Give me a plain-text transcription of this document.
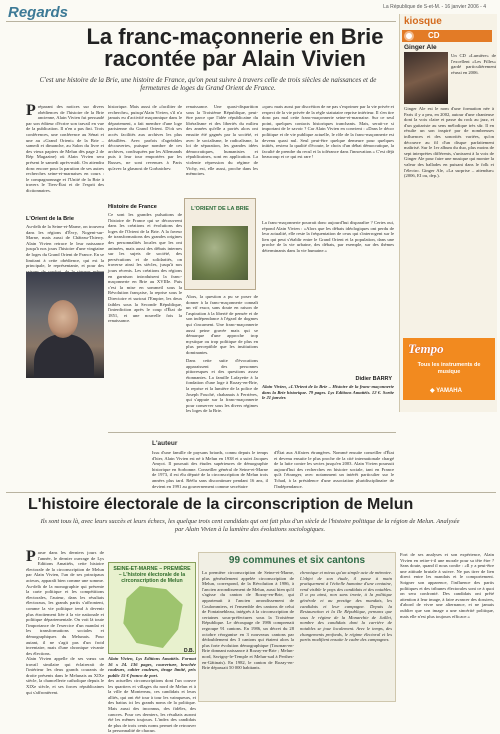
Regards	La République de S-et-M. - 16 janvier 2006 - 4
La franc-maçonnerie en Brie
racontée par Alain Vivien
C'est une histoire de la Brie, une histoire de France, qu'on peut suivre à travers celle de trois siècles de naissances et de fermetures de loges du Grand Orient de France.
Préparant des notices sur divers obédiences de l'histoire de la Brie ancienne, Alain Vivien fut persuadé par son éditeur d'écrire son travail en vue de la publication. Il n'en a pas fini. Trois conférences, une conférence au Sénat et une au «Grand Orient» de la Brie – samedi et dimanche, au Salon du livre et des vieux papiers de Melun dès page 2 de Rép Magazine) où Alain Vivien sera présent le samedi après-midi. On attendra donc encore pour la parution de ses autres recherches seine-et-marnaises en cours : le compagnonnage et l'Unité de la Brie à travers le Tiers-État et de l'esprit des dictionnaires.
L'Orient de la Brie
Au-delà de la Seine-et-Marne, on trouvera dans les régions d'Évry, Nogent-sur-Marne, mais aussi de Château-Thierry. Alain Vivien retrace le leur naissance jusqu'à nos jours l'histoire d'une vingtaine de loges du Grand Orient de France. En se limitant à cette obédience, qui est la principale, le représentante, et pour des
historique. Mais aussi de «faciliter de recherche», puisqu'Alain Vivien, s'il n'a jamais eu d'activité maçonnique dans le département, a fait membre d'une loge parisienne du Grand Orient. D'où ses accès facilités aux archives les plus détaillées. Avec parfois d'agréables découvertes, puisque nombre de ces archives, confisquées par les Allemands puis à leur tour emportées par les Russes, ne sont revenues à Paris qu'avec la glasnost de Gorbatchev.
Histoire de France
Ce sont les grandes pulsations de l'histoire de France qui se découvrent dans les créations et évolutions des loges de l'Orient de la Brie. A la faveur de transformations des grandes origines des personnalités locales que les ont animées, mais aussi des débats internes sur les sujets de société, des persécutions et de solidarités, on traverse ainsi les siècles, jusqu'à nos jours récents. Les créations des régions en garnison introduisent la franc-maçonnerie en Brie au XVIIIe. Puis c'est la mise en sommeil sous la Révolution française, la reprise sous le Directoire et surtout l'Empire, les deux faibles sous la Seconde République, l'interdiction après le coup d'État de 1851, et une nouvelle fois la renaissance.
renaissance. Une quasi-disparition sous la Troisième République, peut-être parce que l'idée républicaine du libéralisme et des libertés du milieu des années qu'elle a portés alors ont ensuite été gagnés par la société, et avec le socialisme, le radicalisme, la loi de séparation, les grandes idées démocratiques, humanistes et républicaines, sont en application. La violente répression du régime de Vichy, est, elle aussi, proche dans les mémoires.
L'ORIENT DE LA BRIE
Alors, la question a pu se poser de donner à la franc-maçonnerie connaît un vif essor, sans doute en raison de l'aspiration à la liberté de pensée et de son indépendance à l'égard de dogmes qui s'incarnent. Une franc-maçonnerie aussi peine gravée mais qui se démarque d'une approche trop mystique ou trop politique de plus en plus perceptible que les institutions dominantes.
Dans cette suite d'évocations apparaissent des personnes pittoresques et des questions assez étonnantes. La famille Lafayette à la fondation d'une loge à Rozay-en-Brie, la reprise et la lumière de la police de Joseph Fouché, chabanais à Ferrières, qui s'appuie sur la franc-maçonnerie pour conserver sous les divers régimes les loges de la Brie.
«que» mais aussi par discrétion de ne pas s'exprimer par la vie privée et respect de la vie privée de la règle statutaire reprise intérieur. Il s'en tire donc pas mal cette franc-maçonnerie seine-et-marnaise. Sur ce seul point, quelques contacts historiques tranchants. Mais, serait-ce si important de le savoir ? Car Alain Vivien en convient : «Dans le décor politique et de vie publique actuelle, le rôle de la franc-maçonnerie est devenu quasi nul. Seul peut-être quelque demeure pour quelques initiés, restera la qualité d'écoute, le choix d'un débat démocratique, la faculté de prendre du recul et la tolérance dans l'innovation.» C'est déjà beaucoup et ce qui est rare !
La franc-maçonnerie pourrait donc aujourd'hui disparaître ? Certes oui, répond Alain Vivien : «Alors que les débats idéologiques ont perdu de leur actualité, elle reste la fréquentation de ceux qui s'interrogent sur le lien qui peut s'établir entre le Grand Orient et la population, dans une proche de la vie urbaine, des débats, par exemple, sur des thèmes déterminants dans la vie humaine.»
Didier BARRY
Alain Vivien, «L'Orient de la Brie – Histoire de la franc-maçonnerie dans la Brie historique. 79 pages. Lys Editions Amattéis. 12 €. Sortie le 21 janvier.
kiosque
CD
Ginger Ale
Un CD «Lumière» de l'excellent «Les Filles» gardé particulièrement réussi en 2006.
Ginger Ale est le nom d'une formation née à Paris il y a peu, en 2002, autour d'une chanteuse dont la voix claire et passe du rock au jazz, et d'un guitariste au sens mélodique très sûr. Il en résulte un son inspiré par de nombreuses influences et des sonorités variées, qu'on découvre au fil d'un disque parfaitement maîtrisé. Sur le 1er album du duo, plus moins de sept interprètes différents, s'unissent à la voix de Ginger Ale pour faire une musique qui montre la valeur des ballades en puisant dans le folk et l'électro. Ginger Ale, «La surprise – attendue» (2006, EI ou, dep.).
Tempo
Tous les instruments de musique
◆ YAMAHA
L'auteur
Issu d'une famille de paysans briards, connu depuis le temps d'hier, Alain Vivien est né à Melun en 1938 et a suivi Jacques Amyot. Il poursuit des études supérieures de démographie historique en Sorbonne. Conseiller général de Seine-et-Marne de 1973, il est élu député de la circonscription de Melun trois années plus tard. Réélu sans discontinuer pendant 16 ans, il devient en 1991 au gouvernement comme secrétaire
d'État aux Affaires étrangères. Nommé ensuite conseiller d'État et devenu ensuite le plus proche de la cité internationale chargé de la lutte contre les sectes jusqu'en 2003. Alain Vivien poursuit aujourd'hui des recherches en histoire sociale, tant en France qu'à l'étranger, avec notamment un intérêt particulier sur le Tchad, à la présidence d'une association pluridisciplinaire de l'Indépendance.
L'histoire électorale de la circonscription de Melun
Ils sont tous là, avec leurs succès et leurs échecs, les quelque trois cent candidats qui ont fait plus d'un siècle de l'histoire politique de la région de Melun. Analysée par Alain Vivien à la lumière des évolutions sociologiques.
Parue dans les derniers jours de l'année, le dernier ouvrage de Lys Editions Amattéis, cette histoire électorale de la circonscription de Melun par Alain Vivien, l'un de ses principaux acteurs, apparaît bien comme une somme. Au-delà de la monographie qui présente la carte politique et les compétitions électorales, l'auteur, dans les résultats électoraux, les grands partis s'affrontent, comme la vie politique tend à devenir plus étroitement liée à la vie nationale et politique départementale. On voit là toute l'importance de l'exercice d'un mandat et les transformations sociales et démographiques du Melunais. Pour autant, il ne s'agit pas d'un froid inventaire, mais d'une chronique vivante des élections.
Alain Vivien appelle de ses vœux un travail similaire qui éclairerait de l'intérieur les deux grands courants de droite présents dans le Melunais au XIXe siècle, la chancellerie catholique depuis le XIXe siècle, et ses forces républicaines qui s'affrontèrent.
SEINE-ET-MARNE – PREMIÈRE – L'histoire électorale de la circonscription de Melun
Alain Vivien, Lys Editions Amattéis. Format 16 x 24. 136 pages, couverture, brochée couleurs, cahier couleurs, tirage limité, prix public 15 € franco de port.
D.B.
99 communes et six cantons
La première circonscription de Seine-et-Marne, plus généralement appelée circonscription de Melun, correspond, de la Révolution à 1986, à l'ancien arrondissement de Melun, aussi bien qu'il s'agisse du canton de Rozay-en-Brie, qui appartenait à l'ancien arrondissement de Coulommiers, et l'ensemble des cantons de celui de Fontainebleau, intégrés à la circonscription de certaines sous-préfectures sous la Troisième République. Le découpage de 1986 comprenait regroupe 91 cantons. En 1986, un décret du 28 octobre réorganise en 3 nouveaux cantons par dédoublement des 3 cantons qui étaient alors la plus forte évolution démographique (Tournan-en-Brie donnant naissance à Rozay-en-Brie ; Melun-nord, Savigny-le-Temple et Melun-sud à Perthes-en-Gâtinais). En 1982, le canton de Rozay-en-Brie dépassait 50 000 habitants.
chronique et mieux qu'un simple acte de mémoire. L'objet de son étude, il passe à main pratiquement à l'échelle humaine d'une centaine, rend visible le pays des candidats et des notables. Il a pu ainsi, non sans ironie, à la politique générale et au prestige des mandats, les candidats et leur campagne. Depuis la Restauration et la IIe République, pensons que sous le régime de la Monarchie de Juillet, nombre des candidats dont la carrière de notables se joue localement. Avec le temps, des changements profonds, le régime électoral et les partis modifient ensuite le cadre des campagnes.
Fort de ses analyses et son expérience, Alain Vivien en retire-t-il une morale pour sa tête être ? Sans doute, quand il nous confie : «Il y a peut-être une attitude brutale à suivre. Ne pas tirer de lien direct entre les mandats et le comportement. Soigner son apparence, l'influence des partis politiques et des tribunes électorales sont ce à quoi on sera confronté. Des candidats ont prêté attention à leur image, à faire avancer des dossiers, d'abord de vivre une alternance, et ne jamais oublier que son image a une sincérité politique, mais elle n'est plus toujours efficace.»
des actuelles circonscriptions dont l'un couvre les quartiers et villages du nord de Melun et à la ville de Montereau, ces candidats et leurs alliés, qui ont été tour à tour les vainqueurs, et des battus ici les grands noms de la politique. Mais aussi des inconnus, des fidèles, des cancres. Pour ces derniers, les résultats auront été les mêmes toujours. L'index des candidats de plus de trois cents noms permet de retrouver la personnalité de chacun.
